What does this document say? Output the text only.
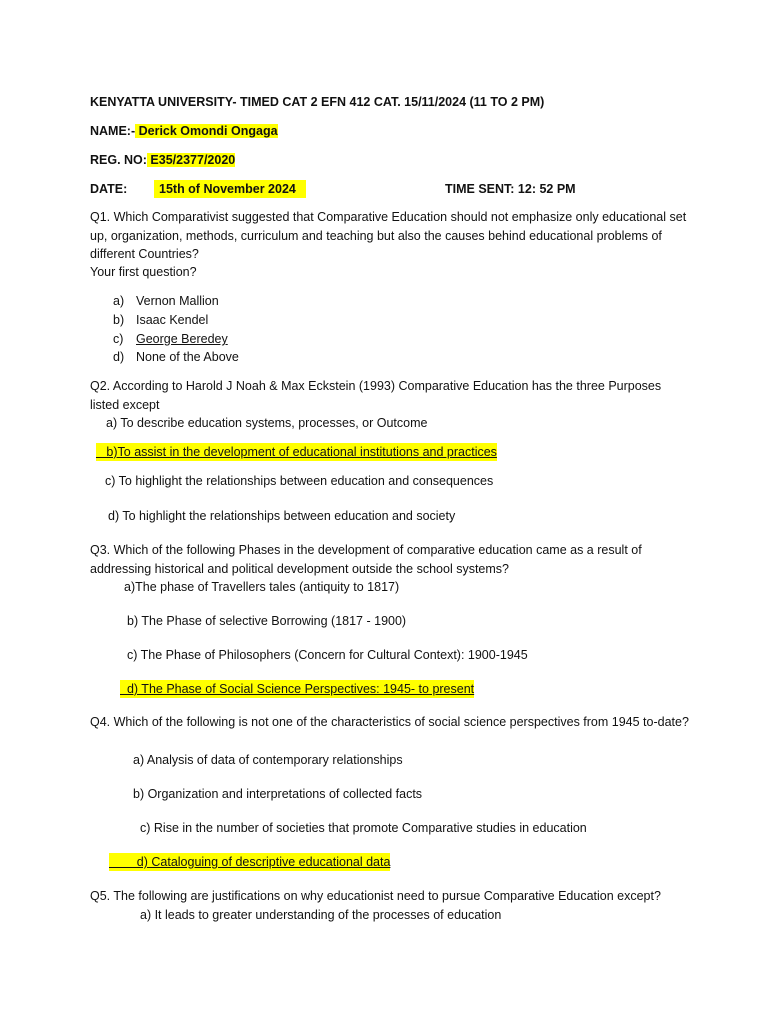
KENYATTA UNIVERSITY- TIMED CAT 2 EFN 412 CAT. 15/11/2024 (11 TO 2 PM)
NAME:- Derick Omondi Ongaga
REG. NO: E35/2377/2020
DATE:	15th of November 2024	TIME SENT: 12: 52 PM
Q1. Which Comparativist suggested that Comparative Education should not emphasize only educational set up, organization, methods, curriculum and teaching but also the causes behind educational problems of different Countries?
Your first question?
a) Vernon Mallion
b) Isaac Kendel
c) George Beredey
d) None of the Above
Q2. According to Harold J Noah & Max Eckstein (1993) Comparative Education has the three Purposes listed except
a) To describe education systems, processes, or Outcome
b)To assist in the development of educational institutions and practices
c) To highlight the relationships between education and consequences
d) To highlight the relationships between education and society
Q3. Which of the following Phases in the development of comparative education came as a result of addressing historical and political development outside the school systems?
a)The phase of Travellers tales (antiquity to 1817)
b) The Phase of selective Borrowing (1817 - 1900)
c) The Phase of Philosophers (Concern for Cultural Context): 1900-1945
d) The Phase of Social Science Perspectives: 1945- to present
Q4. Which of the following is not one of the characteristics of social science perspectives from 1945 to-date?
a) Analysis of data of contemporary relationships
b) Organization and interpretations of collected facts
c) Rise in the number of societies that promote Comparative studies in education
d) Cataloguing of descriptive educational data
Q5. The following are justifications on why educationist need to pursue Comparative Education except?
a) It leads to greater understanding of the processes of education
